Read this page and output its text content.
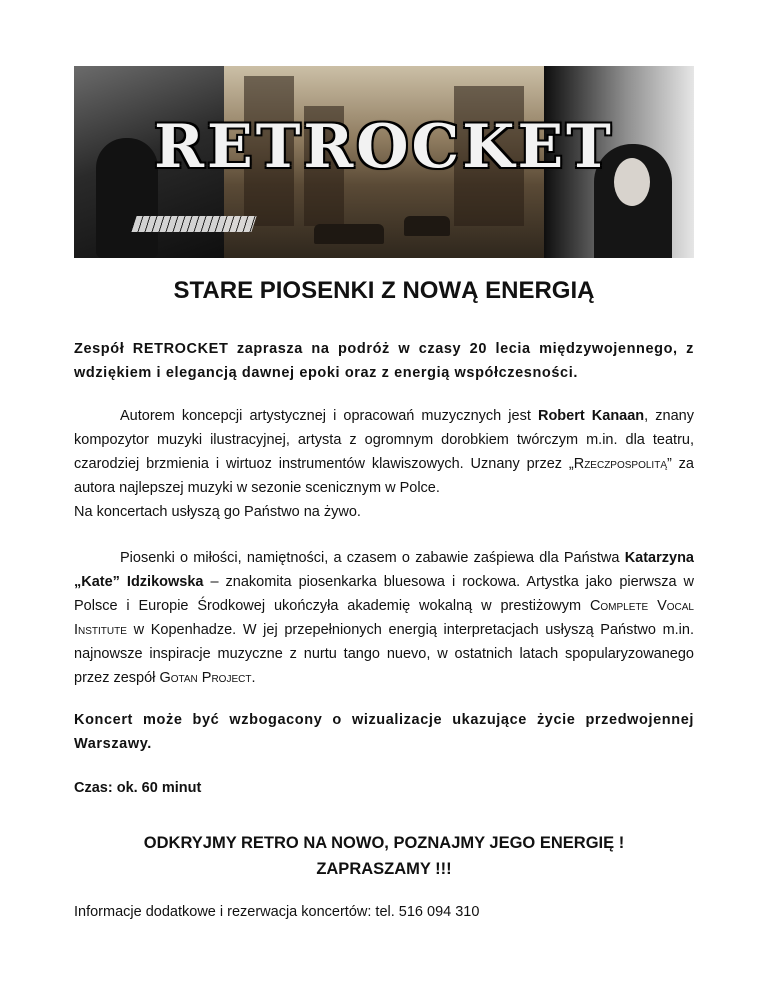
RETROCKET
STARE PIOSENKI Z NOWĄ ENERGIĄ

Zespół RETROCKET zaprasza na podróż w czasy 20 lecia międzywojennego, z wdziękiem i elegancją dawnej epoki oraz z energią współczesności.

Autorem koncepcji artystycznej i opracowań muzycznych jest Robert Kanaan, znany kompozytor muzyki ilustracyjnej, artysta z ogromnym dorobkiem twórczym m.in. dla teatru, czarodziej brzmienia i wirtuoz instrumentów klawiszowych. Uznany przez „Rzeczpospolitą” za autora najlepszej muzyki w sezonie scenicznym w Polce.
Na koncertach usłyszą go Państwo na żywo.

Piosenki o miłości, namiętności, a czasem o zabawie zaśpiewa dla Państwa Katarzyna „Kate” Idzikowska – znakomita piosenkarka bluesowa i rockowa. Artystka jako pierwsza w Polsce i Europie Środkowej ukończyła akademię wokalną w prestiżowym Complete Vocal Institute w Kopenhadze. W jej przepełnionych energią interpretacjach usłyszą Państwo m.in. najnowsze inspiracje muzyczne z nurtu tango nuevo, w ostatnich latach spopularyzowanego przez zespół Gotan Project.

Koncert może być wzbogacony o wizualizacje ukazujące życie przedwojennej Warszawy.

Czas: ok. 60 minut

ODKRYJMY RETRO NA NOWO, POZNAJMY JEGO ENERGIĘ !
ZAPRASZAMY !!!

Informacje dodatkowe i rezerwacja koncertów: tel. 516 094 310
